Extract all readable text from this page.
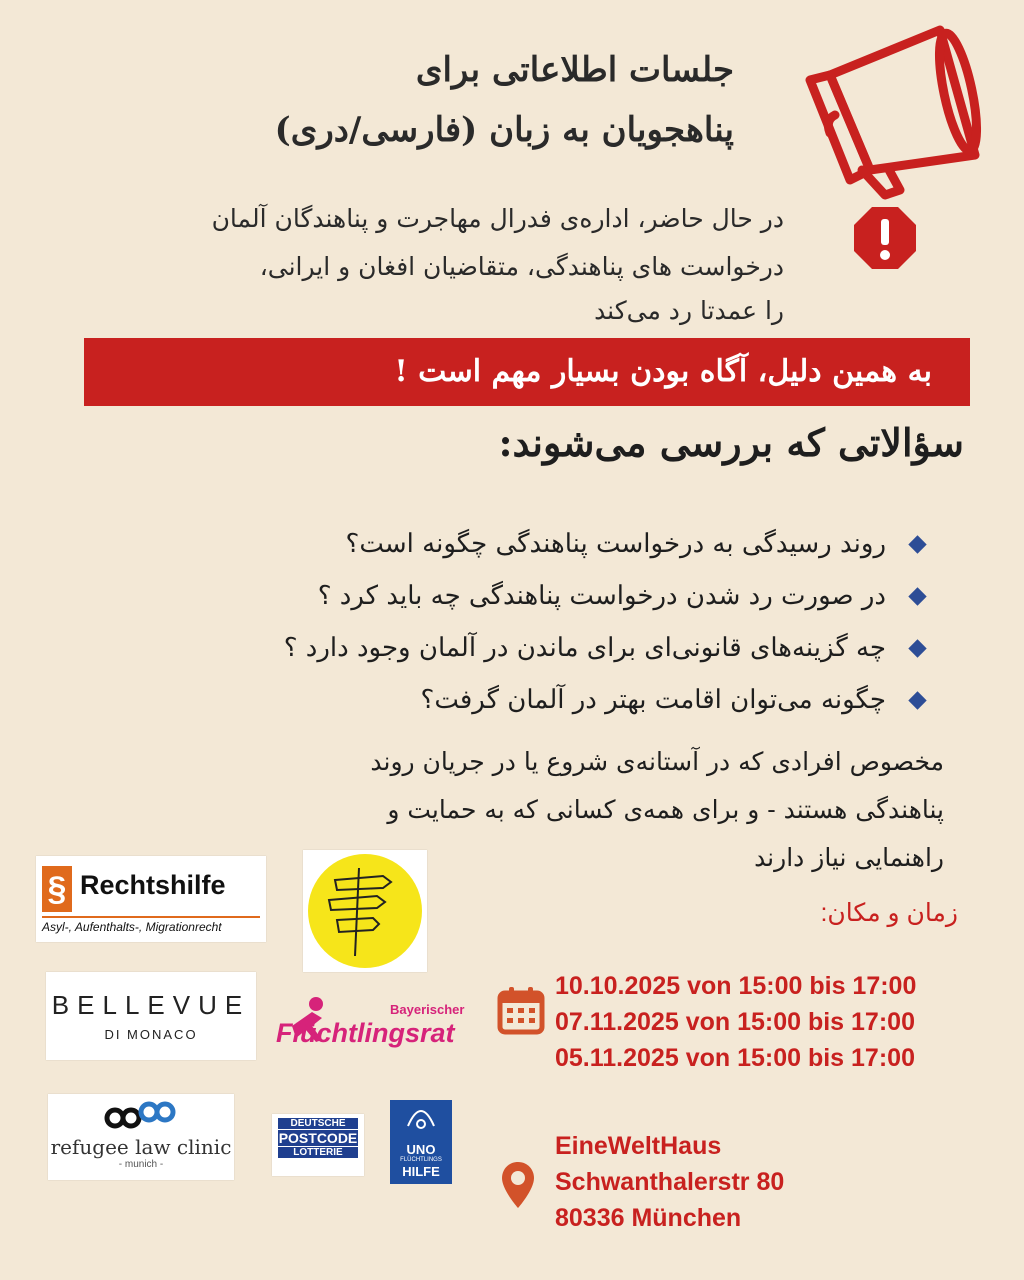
جلسات اطلاعاتی برای
پناهجویان به زبان (فارسی/دری)
در حال حاضر، اداره‌ی فدرال مهاجرت و پناهندگان آلمان
درخواست های پناهندگی، متقاضیان افغان و ایرانی،
را عمدتا رد می‌کند
به همین دلیل، آگاه بودن بسیار مهم است !
سؤالاتی که بررسی می‌شوند:
روند رسیدگی به درخواست پناهندگی چگونه است؟
در صورت رد شدن درخواست پناهندگی چه باید کرد ؟
چه گزینه‌های قانونی‌ای برای ماندن در آلمان وجود دارد ؟
چگونه می‌توان اقامت بهتر در آلمان گرفت؟
مخصوص افرادی که در آستانه‌ی شروع یا در جریان روند
پناهندگی هستند - و برای همه‌ی کسانی که به حمایت و
راهنمایی نیاز دارند
زمان و مکان:
10.10.2025 von 15:00 bis 17:00
07.11.2025 von 15:00 bis 17:00
05.11.2025 von 15:00 bis 17:00
EineWeltHaus
Schwanthalerstr 80
80336 München
§ Rechtshilfe
Asyl-, Aufenthalts-, Migrationrecht
BELLEVUE
DI MONACO
Bayerischer
Flüchtlingsrat
refugee law clinic
- munich -
DEUTSCHE
POSTCODE
LOTTERIE	UNO
FLÜCHTLINGS
HILFE
